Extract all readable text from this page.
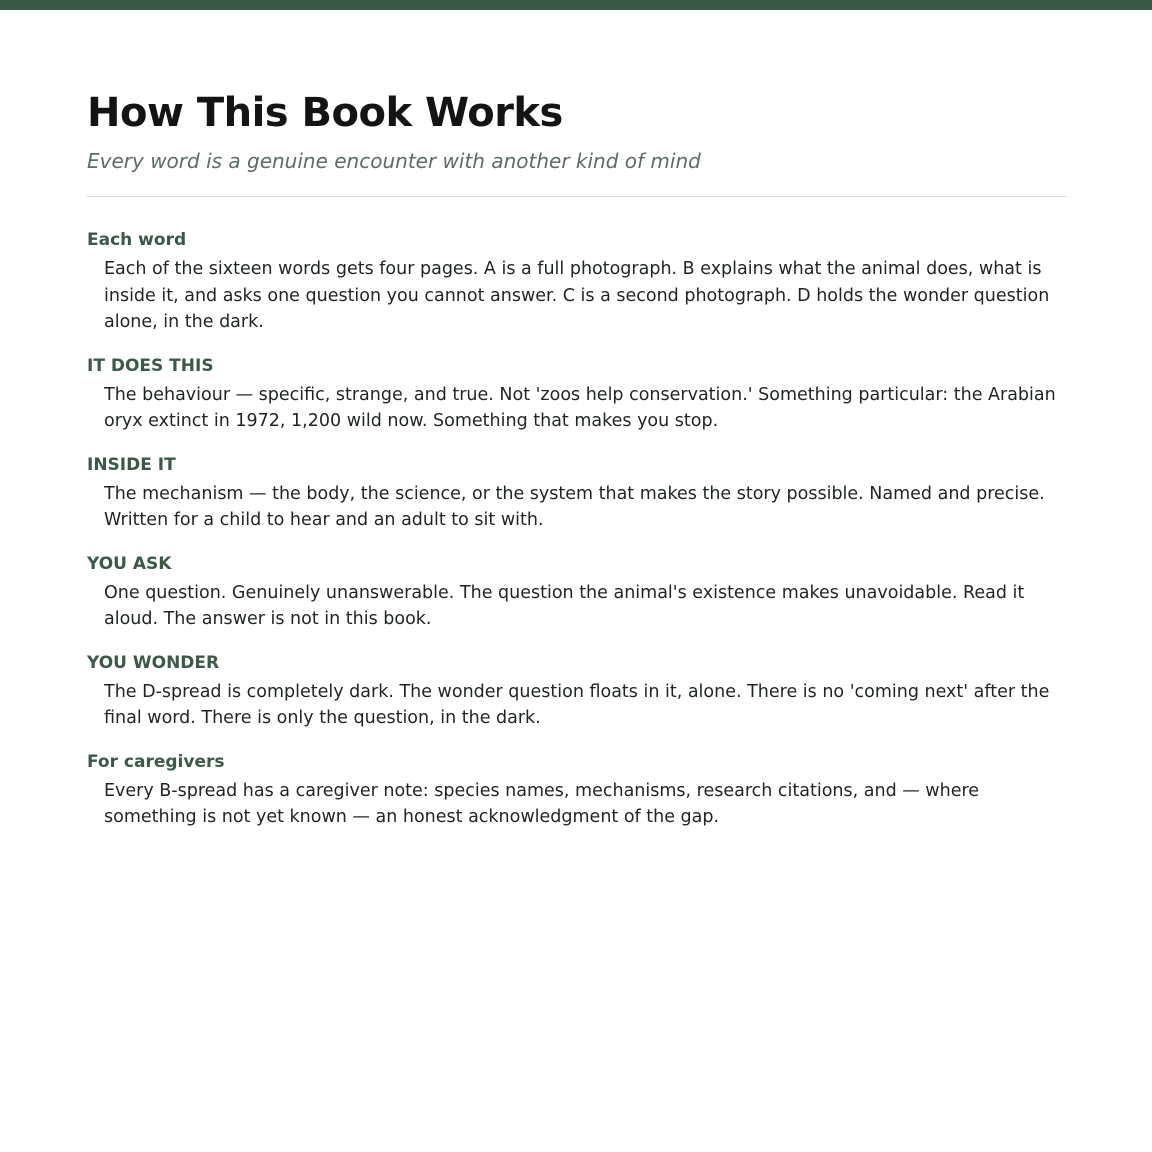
How This Book Works

Every word is a genuine encounter with another kind of mind

Each word
Each of the sixteen words gets four pages. A is a full photograph. B explains what the animal does, what is inside it, and asks one question you cannot answer. C is a second photograph. D holds the wonder question alone, in the dark.
IT DOES THIS
The behaviour — specific, strange, and true. Not 'zoos help conservation.' Something particular: the Arabian oryx extinct in 1972, 1,200 wild now. Something that makes you stop.
INSIDE IT
The mechanism — the body, the science, or the system that makes the story possible. Named and precise. Written for a child to hear and an adult to sit with.
YOU ASK
One question. Genuinely unanswerable. The question the animal's existence makes unavoidable. Read it aloud. The answer is not in this book.
YOU WONDER
The D-spread is completely dark. The wonder question floats in it, alone. There is no 'coming next' after the final word. There is only the question, in the dark.
For caregivers
Every B-spread has a caregiver note: species names, mechanisms, research citations, and — where something is not yet known — an honest acknowledgment of the gap.
